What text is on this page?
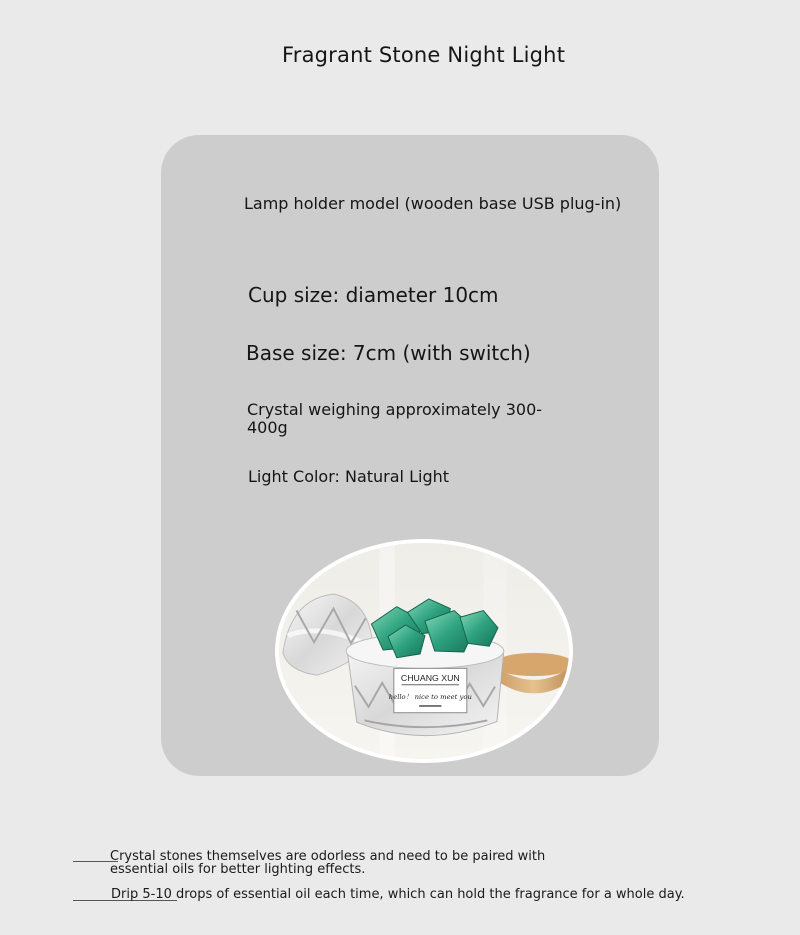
Fragrant Stone Night Light
Lamp holder model (wooden base USB plug-in)
Cup size: diameter 10cm
Base size: 7cm (with switch)
Crystal weighing approximately 300-400g
Light Color: Natural Light
CHUANG XUN
hello！ nice to meet you
Crystal stones themselves are odorless and need to be paired with essential oils for better lighting effects.
Drip 5-10 drops of essential oil each time, which can hold the fragrance for a whole day.
